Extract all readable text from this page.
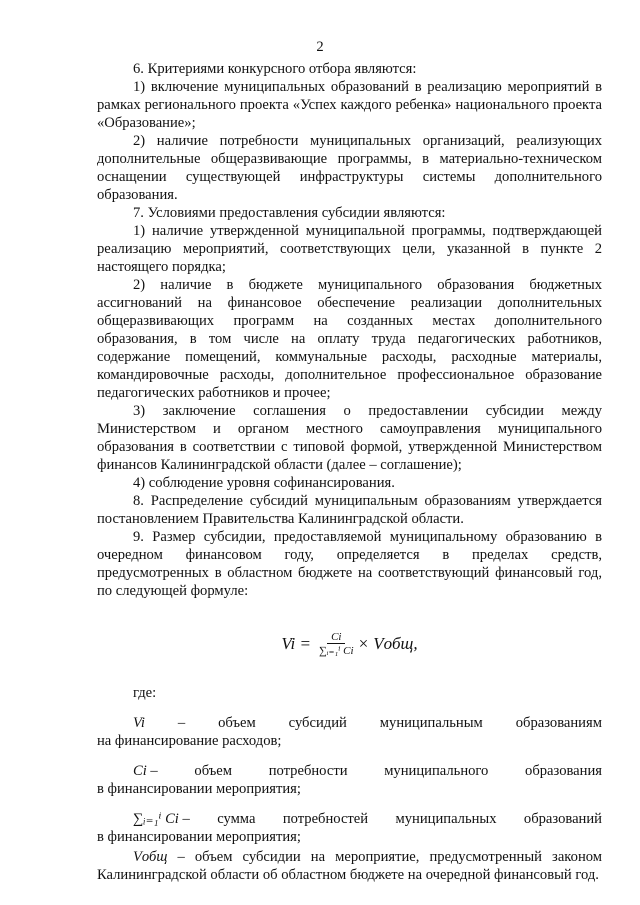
2

6. Критериями конкурсного отбора являются:

1) включение муниципальных образований в реализацию мероприятий в рамках регионального проекта «Успех каждого ребенка» национального проекта «Образование»;

2) наличие потребности муниципальных организаций, реализующих дополнительные общеразвивающие программы, в материально-техническом оснащении существующей инфраструктуры системы дополнительного образования.

7. Условиями предоставления субсидии являются:

1) наличие утвержденной муниципальной программы, подтверждающей реализацию мероприятий, соответствующих цели, указанной в пункте 2 настоящего порядка;

2) наличие в бюджете муниципального образования бюджетных ассигнований на финансовое обеспечение реализации дополнительных общеразвивающих программ на созданных местах дополнительного образования, в том числе на оплату труда педагогических работников, содержание помещений, коммунальные расходы, расходные материалы, командировочные расходы, дополнительное профессиональное образование педагогических работников и прочее;

3) заключение соглашения о предоставлении субсидии между Министерством и органом местного самоуправления муниципального образования в соответствии с типовой формой, утвержденной Министерством финансов Калининградской области (далее – соглашение);

4) соблюдение уровня софинансирования.

8. Распределение субсидий муниципальным образованиям утверждается постановлением Правительства Калининградской области.

9. Размер субсидии, предоставляемой муниципальному образованию в очередном финансовом году, определяется в пределах средств, предусмотренных в областном бюджете на соответствующий финансовый год, по следующей формуле:

$Vi = \frac{Ci}{\text{∑ᵢ₌₁ⁱ Ci}}$ × Vобщ,
где:
Vi – объем субсидий муниципальным образованиям
на финансирование расходов;
Ci –	объем	потребности	муниципального	образования
в финансировании мероприятия;
∑ᵢ₌₁ⁱ Ci – сумма потребностей муниципальных образований
в финансировании мероприятия;

Vобщ – объем субсидии на мероприятие, предусмотренный законом Калининградской области об областном бюджете на очередной финансовый год.
